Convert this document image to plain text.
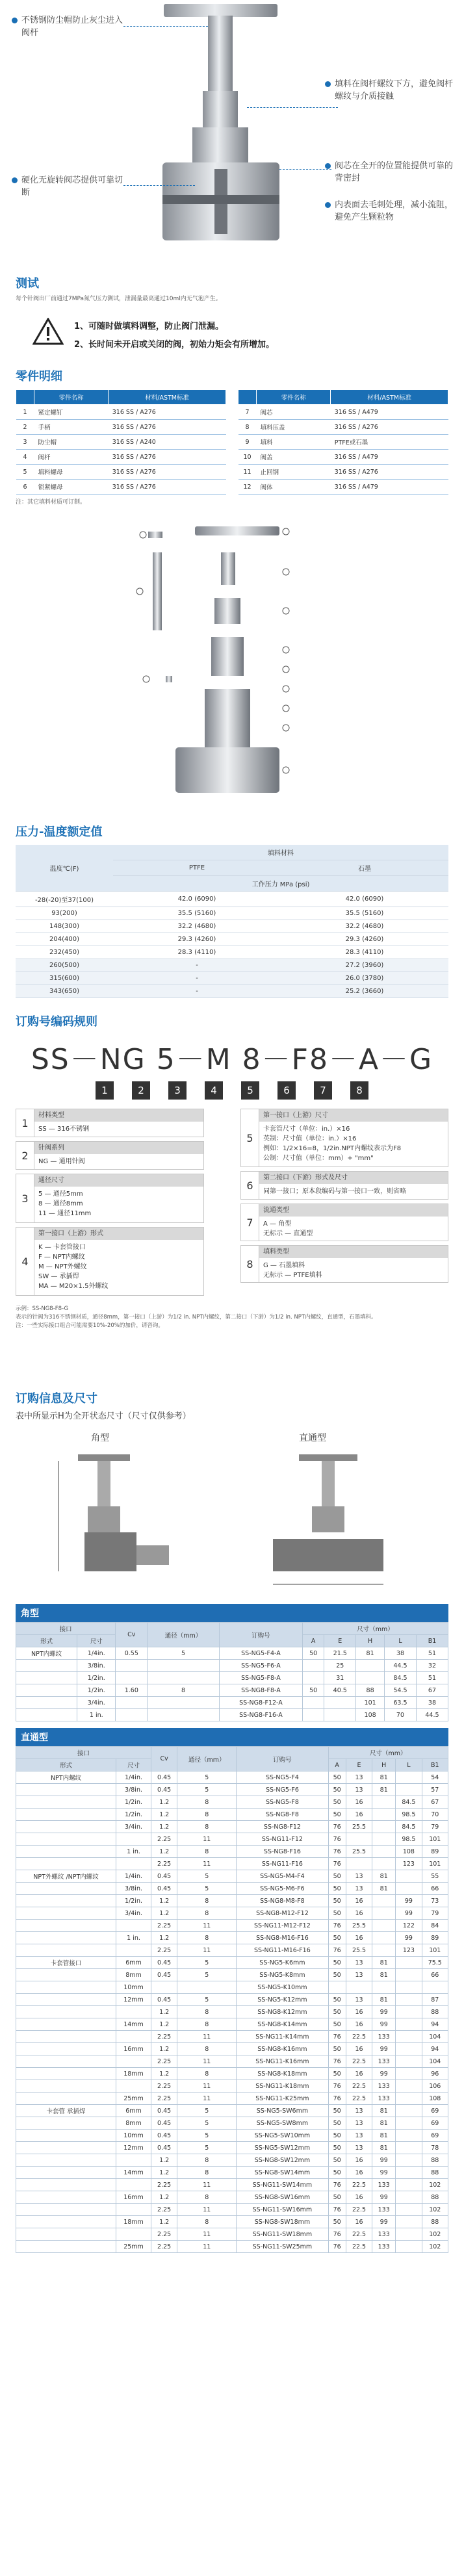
不锈钢防尘帽防止灰尘进入阀杆
填料在阀杆螺纹下方，避免阀杆螺纹与介质接触
硬化无旋转阀芯提供可靠切断
阀芯在全开的位置能提供可靠的背密封
内表面去毛刺处理，减小流阻，避免产生颗粒物
测试
每个针阀出厂前通过7MPa氮气压力测试，泄漏量最高通过10ml内无气泡产生。
1、可随时做填料调整，防止阀门泄漏。
2、长时间未开启或关闭的阀，初始力矩会有所增加。
零件明细
	零件名称	材料/ASTM标准
1	紧定螺钉	316 SS / A276
2	手柄	316 SS / A276
3	防尘帽	316 SS / A240
4	阀杆	316 SS / A276
5	填料螺母	316 SS / A276
6	锁紧螺母	316 SS / A276
	零件名称	材料/ASTM标准
7	阀芯	316 SS / A479
8	填料压盖	316 SS / A276
9	填料	PTFE或石墨
10	阀盖	316 SS / A479
11	止回钢	316 SS / A276
12	阀体	316 SS / A479
注：其它填料材质可订制。
压力-温度额定值
温度℃(F)	填料材料	
	PTFE	石墨
	工作压力 MPa (psi)	
-28(-20)至37(100)	42.0 (6090)	42.0 (6090)
93(200)	35.5 (5160)	35.5 (5160)
148(300)	32.2 (4680)	32.2 (4680)
204(400)	29.3 (4260)	29.3 (4260)
232(450)	28.3 (4110)	28.3 (4110)
260(500)	-	27.2 (3960)
315(600)	-	26.0 (3780)
343(650)	-	25.2 (3660)
订购号编码规则
SS－NG 5－M 8－F8－A－G
1	2	3	4	5	6	7	8
1
材料类型
SS — 316不锈钢
2
针阀系列
NG — 通用针阀
3
通径尺寸
5 — 通径5mm
8 — 通径8mm
11 — 通径11mm
4
第一接口（上游）形式
K — 卡套管接口
F — NPT内螺纹
M — NPT外螺纹
SW — 承插焊
MA — M20×1.5外螺纹
5
第一接口（上游）尺寸
卡套管尺寸（单位：in.）×16
英制：尺寸值（单位：in.）×16
例如：1/2×16=8，1/2in.NPT内螺纹表示为F8
公制：尺寸值（单位：mm）+ "mm"
6
第二接口（下游）形式及尺寸
同第一接口；原本段编码与第一接口一致，则省略
7
流通类型
A — 角型
无标示 — 直通型
8
填料类型
G — 石墨填料
无标示 — PTFE填料
示例：SS-NG8-F8-G
表示的针阀为316不锈钢材质，通径8mm，第一接口（上游）为1/2 in. NPT内螺纹，第二接口（下游）为1/2 in. NPT内螺纹，直通型，石墨填料。
注：一些实际接口组合可能需要10%-20%的加价，请咨询。
订购信息及尺寸
表中所显示H为全开状态尺寸（尺寸仅供参考）
角型	直通型
角型
接口		Cv	通径（mm）	订购号	尺寸（mm）				
形式	尺寸				A	E	H	L	B1
NPT内螺纹	1/4in.	0.55	5	SS-NG5-F4-A	50	21.5	81	38	51
	3/8in.			SS-NG5-F6-A		25		44.5	32
	1/2in.			SS-NG5-F8-A		31		84.5	51
	1/2in.	1.60	8	SS-NG8-F8-A	50	40.5	88	54.5	67
	3/4in.			SS-NG8-F12-A			101	63.5	38
	1 in.			SS-NG8-F16-A			108	70	44.5
直通型
接口		Cv	通径（mm）	订购号	尺寸（mm）				
形式	尺寸				A	E	H	L	B1
NPT内螺纹	1/4in.	0.45	5	SS-NG5-F4	50	13	81		54
	3/8in.	0.45	5	SS-NG5-F6	50	13	81		57
	1/2in.	1.2	8	SS-NG5-F8	50	16		84.5	67
	1/2in.	1.2	8	SS-NG8-F8	50	16		98.5	70
	3/4in.	1.2	8	SS-NG8-F12	76	25.5		84.5	79
		2.25	11	SS-NG11-F12	76			98.5	101
	1 in.	1.2	8	SS-NG8-F16	76	25.5		108	89
		2.25	11	SS-NG11-F16	76			123	101
NPT外螺纹 /NPT内螺纹	1/4in.	0.45	5	SS-NG5-M4-F4	50	13	81		55
	3/8in.	0.45	5	SS-NG5-M6-F6	50	13	81		66
	1/2in.	1.2	8	SS-NG8-M8-F8	50	16		99	73
	3/4in.	1.2	8	SS-NG8-M12-F12	50	16		99	79
		2.25	11	SS-NG11-M12-F12	76	25.5		122	84
	1 in.	1.2	8	SS-NG8-M16-F16	50	16		99	89
		2.25	11	SS-NG11-M16-F16	76	25.5		123	101
卡套管接口	6mm	0.45	5	SS-NG5-K6mm	50	13	81		75.5
	8mm	0.45	5	SS-NG5-K8mm	50	13	81		66
	10mm			SS-NG5-K10mm					
	12mm	0.45	5	SS-NG5-K12mm	50	13	81		87
		1.2	8	SS-NG8-K12mm	50	16	99		88
	14mm	1.2	8	SS-NG8-K14mm	50	16	99		94
		2.25	11	SS-NG11-K14mm	76	22.5	133		104
	16mm	1.2	8	SS-NG8-K16mm	50	16	99		94
		2.25	11	SS-NG11-K16mm	76	22.5	133		104
	18mm	1.2	8	SS-NG8-K18mm	50	16	99		96
		2.25	11	SS-NG11-K18mm	76	22.5	133		106
	25mm	2.25	11	SS-NG11-K25mm	76	22.5	133		108
卡套管 承插焊	6mm	0.45	5	SS-NG5-SW6mm	50	13	81		69
	8mm	0.45	5	SS-NG5-SW8mm	50	13	81		69
	10mm	0.45	5	SS-NG5-SW10mm	50	13	81		69
	12mm	0.45	5	SS-NG5-SW12mm	50	13	81		78
		1.2	8	SS-NG8-SW12mm	50	16	99		88
	14mm	1.2	8	SS-NG8-SW14mm	50	16	99		88
		2.25	11	SS-NG11-SW14mm	76	22.5	133		102
	16mm	1.2	8	SS-NG8-SW16mm	50	16	99		88
		2.25	11	SS-NG11-SW16mm	76	22.5	133		102
	18mm	1.2	8	SS-NG8-SW18mm	50	16	99		88
		2.25	11	SS-NG11-SW18mm	76	22.5	133		102
	25mm	2.25	11	SS-NG11-SW25mm	76	22.5	133		102
